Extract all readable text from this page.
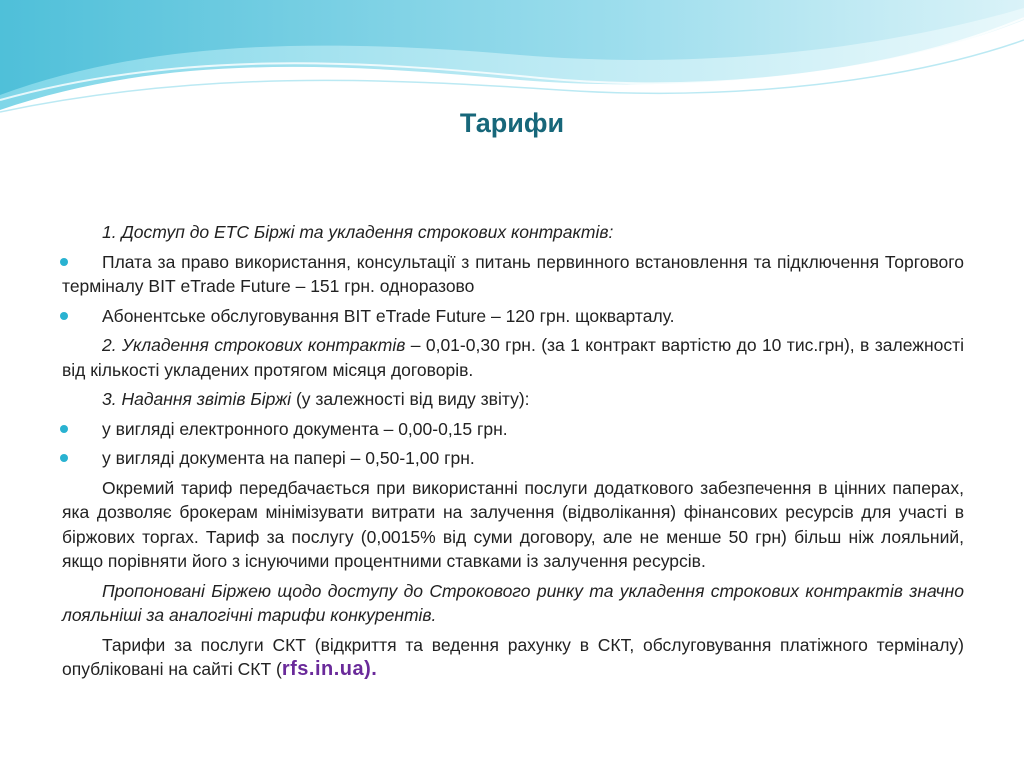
Тарифи

1. Доступ до ЕТС Біржі та укладення строкових контрактів:

Плата за право використання, консультації з питань первинного встановлення та підключення Торгового терміналу ВІТ eTrade Future – 151 грн. одноразово

Абонентське обслуговування ВІТ eTrade Future – 120 грн. щокварталу.

2. Укладення строкових контрактів – 0,01-0,30 грн. (за 1 контракт вартістю до 10 тис.грн), в залежності від кількості укладених протягом місяця договорів.

3. Надання звітів Біржі (у залежності від виду звіту):

у вигляді електронного документа – 0,00-0,15 грн.

у вигляді документа на папері – 0,50-1,00 грн.

Окремий тариф передбачається при використанні послуги додаткового забезпечення в цінних паперах, яка дозволяє брокерам мінімізувати витрати на залучення (відволікання) фінансових ресурсів для участі в біржових торгах. Тариф за послугу (0,0015% від суми договору, але не менше 50 грн) більш ніж лояльний, якщо порівняти його з існуючими процентними ставками із залучення ресурсів.

Пропоновані Біржею щодо доступу до Строкового ринку та укладення строкових контрактів значно лояльніші за аналогічні тарифи конкурентів.

Тарифи за послуги СКТ (відкриття та ведення рахунку в СКТ, обслуговування платіжного терміналу) опубліковані на сайті СКТ (rfs.in.ua).
